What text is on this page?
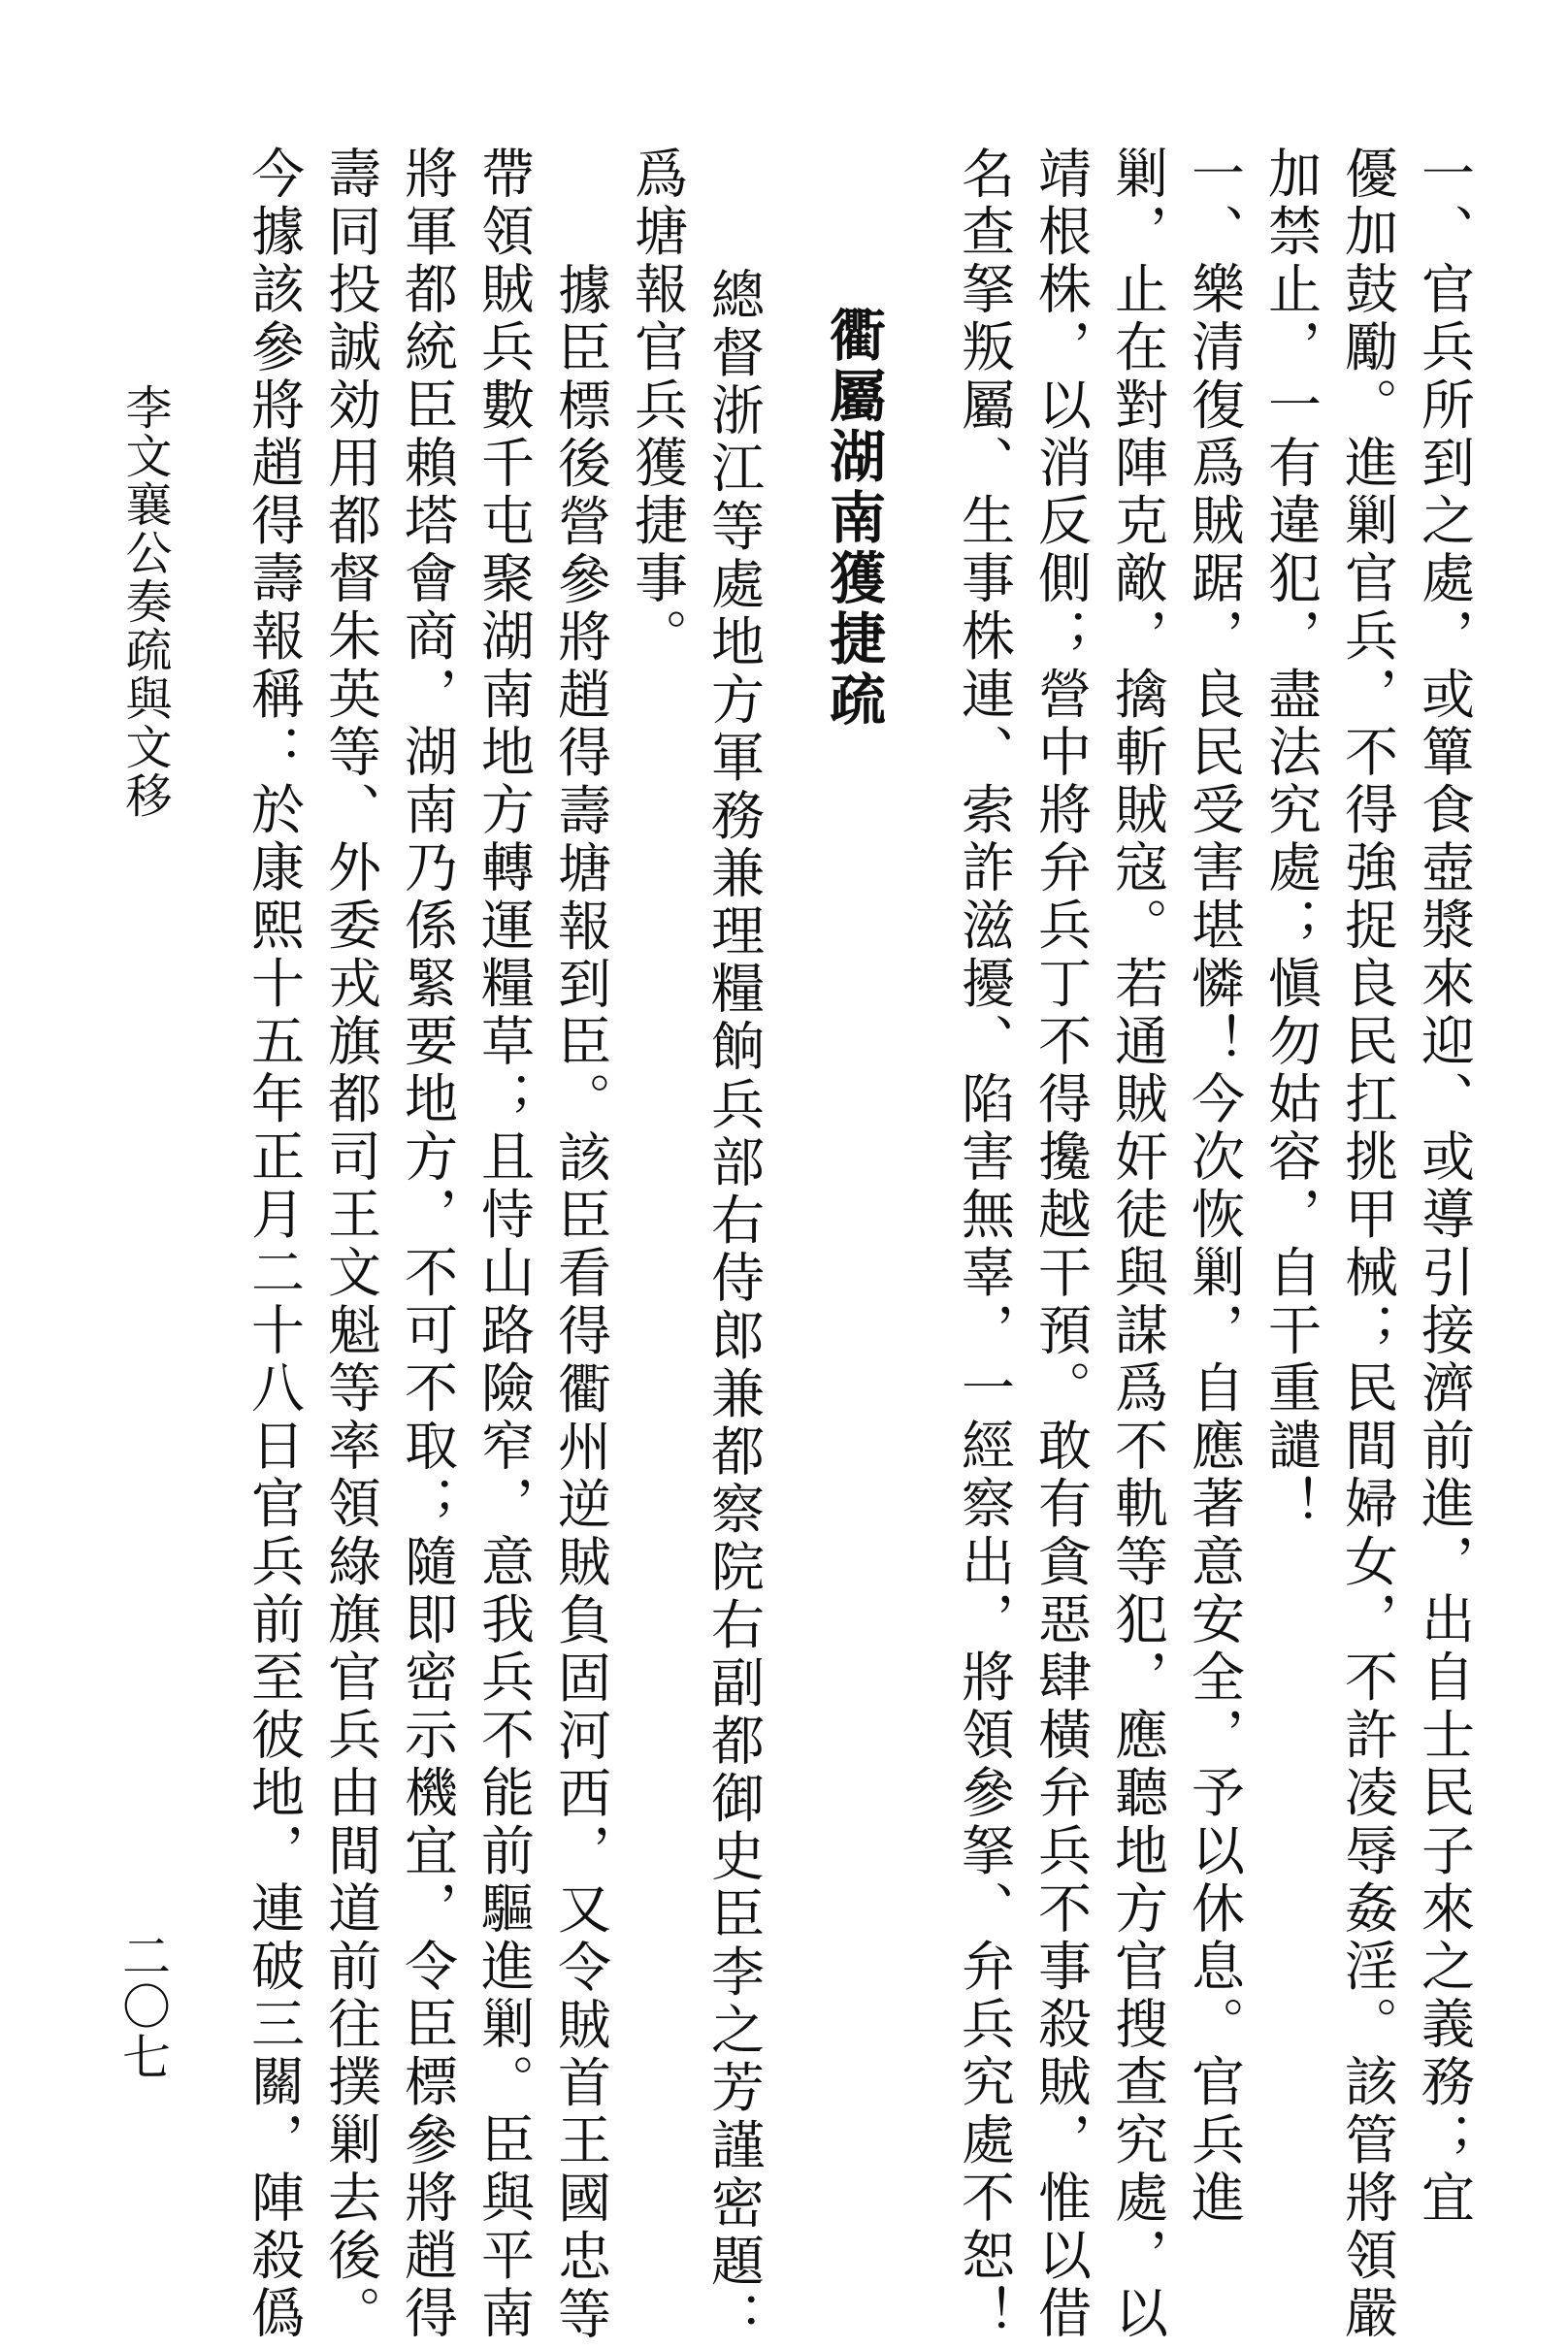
一、官兵所到之處，或簞食壺漿來迎、或導引接濟前進，出自士民子來之義務；宜
優加鼓勵。進剿官兵，不得強捉良民扛挑甲械；民間婦女，不許凌辱姦淫。該管將領嚴
加禁止，一有違犯，盡法究處；愼勿姑容，自干重譴！
一、樂清復爲賊踞，良民受害堪憐！今次恢剿，自應著意安全，予以休息。官兵進
剿，止在對陣克敵，擒斬賊寇。若通賊奸徒與謀爲不軌等犯，應聽地方官搜查究處，以
靖根株，以消反側；營中將弁兵丁不得攙越干預。敢有貪惡肆橫弁兵不事殺賊，惟以借
名查拏叛屬、生事株連、索詐滋擾、陷害無辜，一經察出，將領參拏、弁兵究處不恕！
衢屬湖南獲捷疏
總督浙江等處地方軍務兼理糧餉兵部右侍郎兼都察院右副都御史臣李之芳謹密題：
爲塘報官兵獲捷事。
據臣標後營參將趙得壽塘報到臣。該臣看得衢州逆賊負固河西，又令賊首王國忠等
帶領賊兵數千屯聚湖南地方轉運糧草；且恃山路險窄，意我兵不能前驅進剿。臣與平南
將軍都統臣賴塔會商，湖南乃係緊要地方，不可不取；隨即密示機宜，令臣標參將趙得
壽同投誠効用都督朱英等、外委戎旗都司王文魁等率領綠旗官兵由間道前往撲剿去後。
今據該參將趙得壽報稱：於康熙十五年正月二十八日官兵前至彼地，連破三關，陣殺僞
李文襄公奏疏與文移
二〇七
